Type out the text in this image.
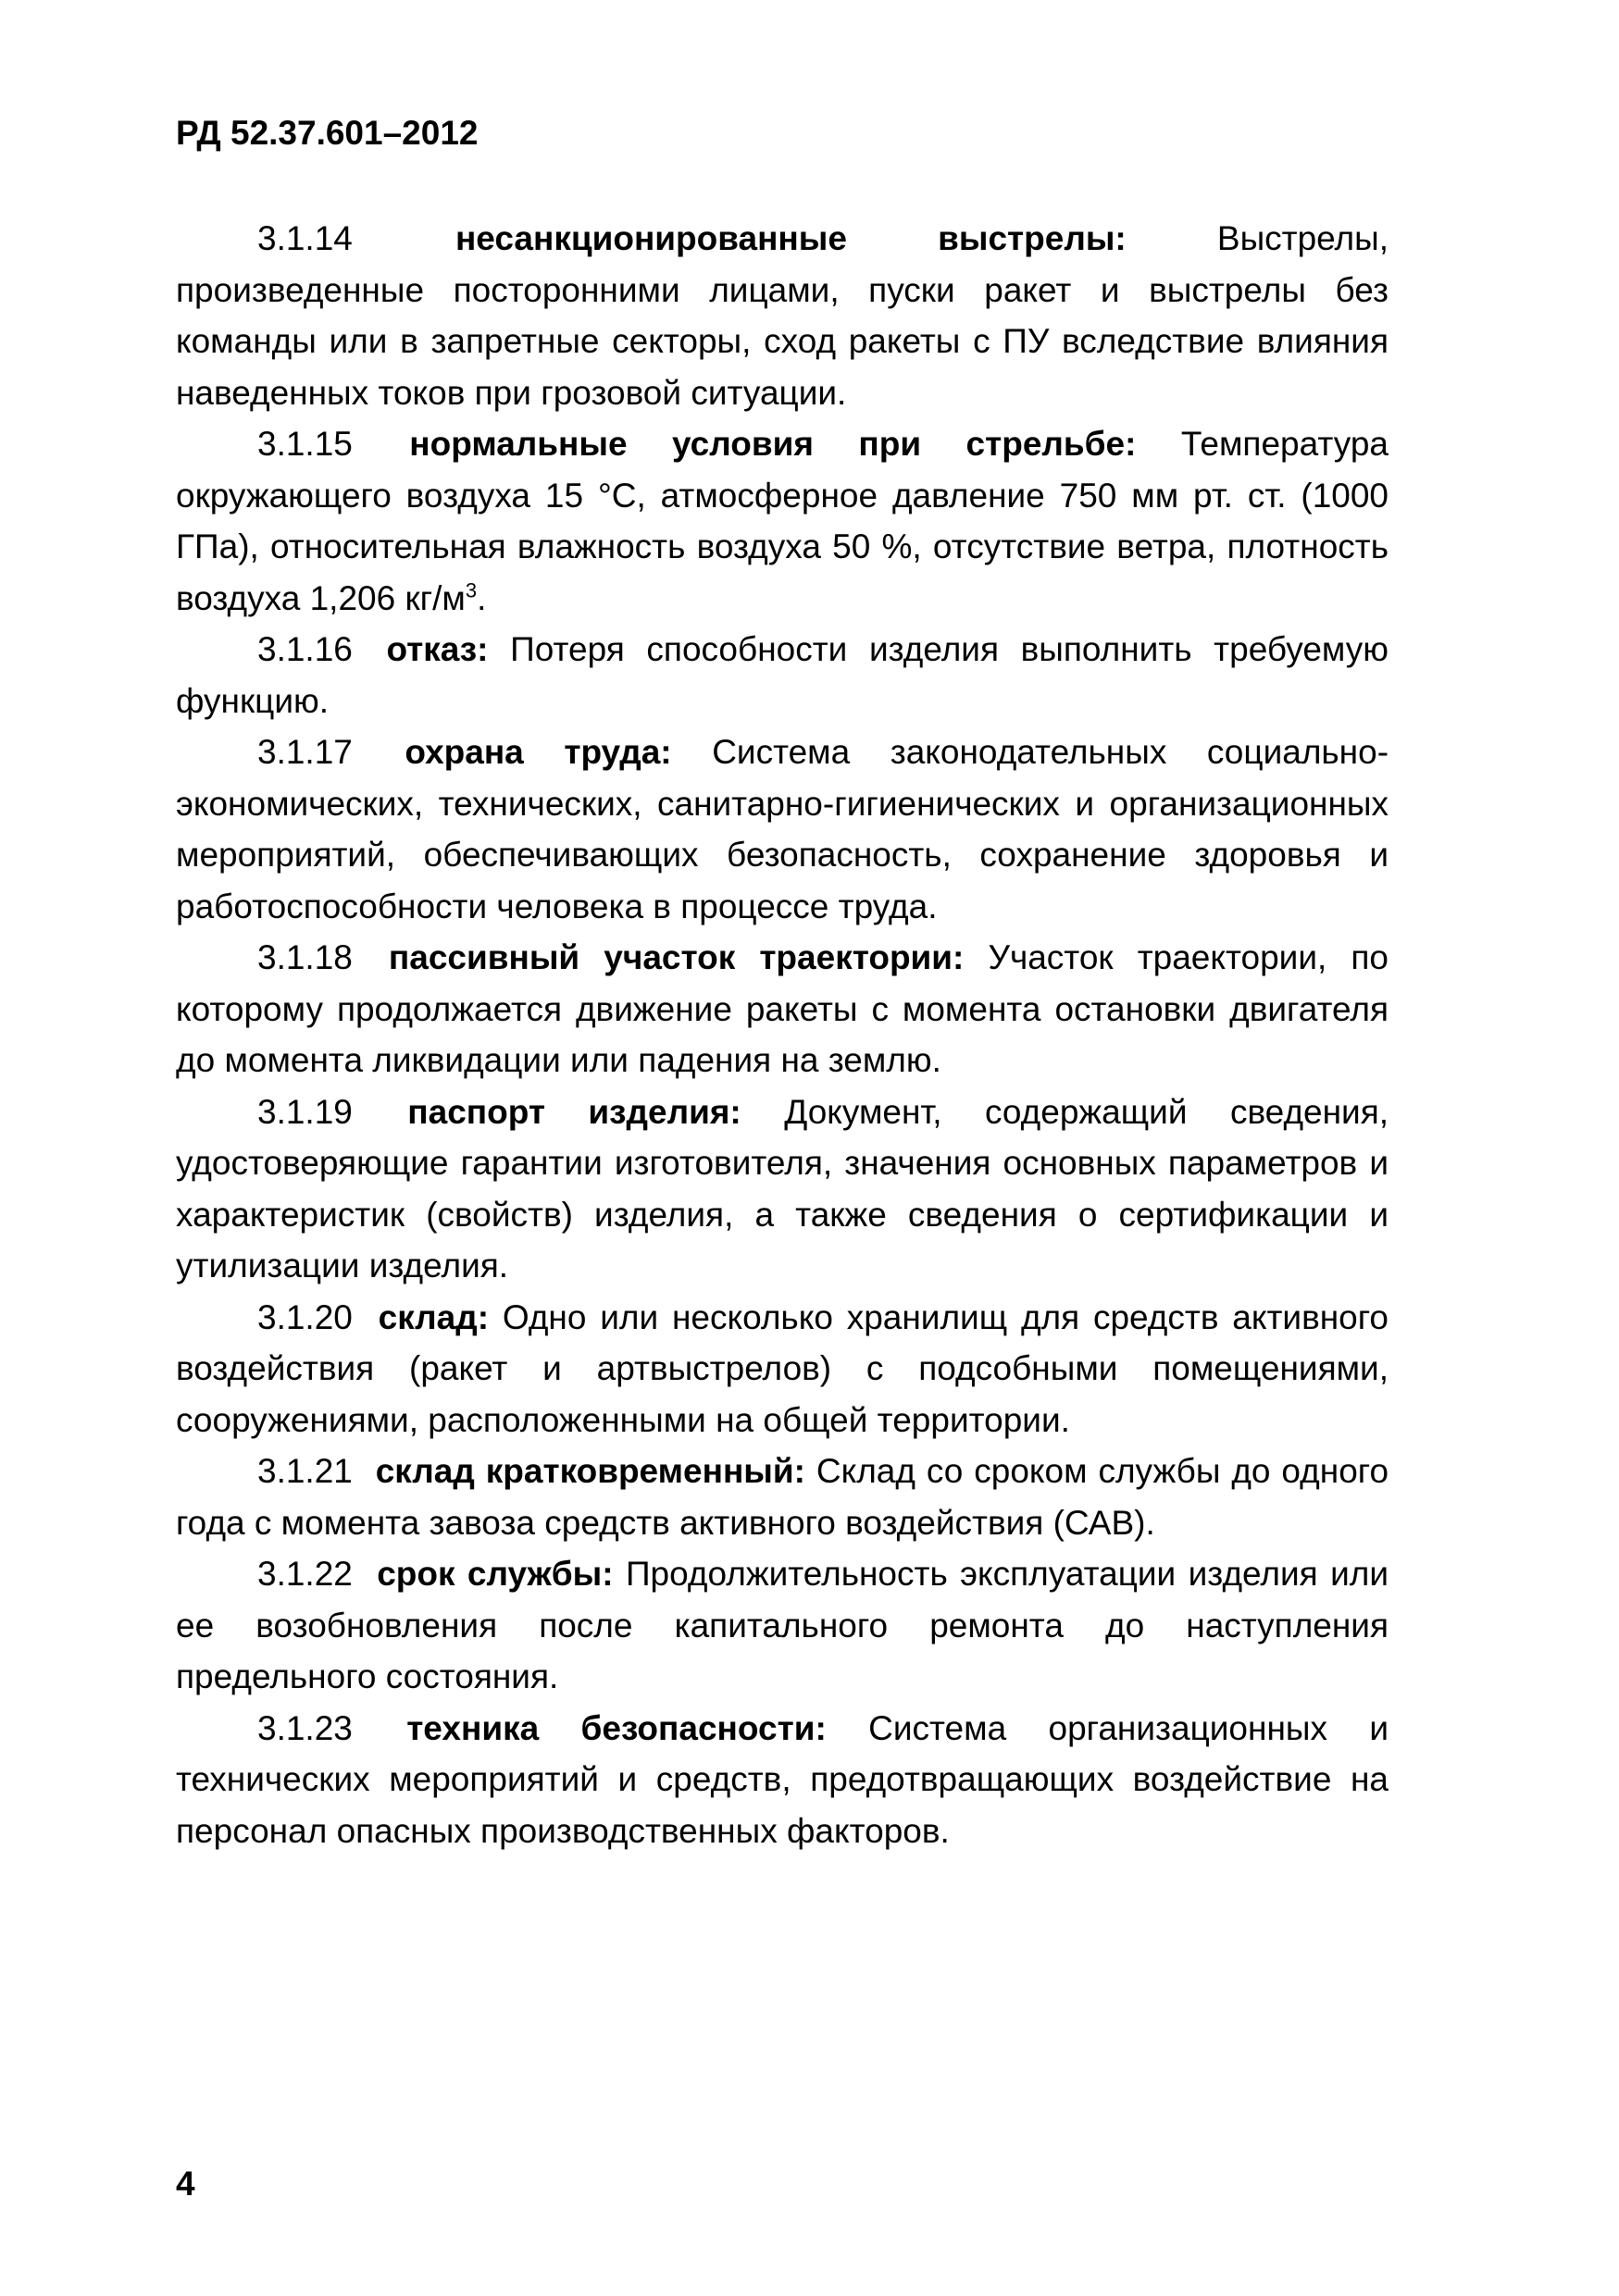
РД 52.37.601–2012

3.1.14	несанкционированные выстрелы:	Выстрелы, произведенные посторонними лицами, пуски ракет и выстрелы без команды или в запретные секторы, сход ракеты с ПУ вследствие влияния наведенных токов при грозовой ситуации.

3.1.15 нормальные условия при стрельбе: Температура окружающего воздуха 15 °С, атмосферное давление 750 мм рт. ст. (1000 ГПа), относительная влажность воздуха 50 %, отсутствие ветра, плотность воздуха 1,206 $кг/м^3$.

3.1.16 отказ: Потеря способности изделия выполнить требуемую функцию.

3.1.17 охрана труда: Система законодательных социально-экономических, технических, санитарно-гигиенических и организационных мероприятий, обеспечивающих безопасность, сохранение здоровья и работоспособности человека в процессе труда.

3.1.18 пассивный участок траектории: Участок траектории, по которому продолжается движение ракеты с момента остановки двигателя до момента ликвидации или падения на землю.

3.1.19 паспорт изделия: Документ, содержащий сведения, удостоверяющие гарантии изготовителя, значения основных параметров и характеристик (свойств) изделия, а также сведения о сертификации и утилизации изделия.

3.1.20 склад: Одно или несколько хранилищ для средств активного воздействия (ракет и артвыстрелов) с подсобными помещениями, сооружениями, расположенными на общей территории.

3.1.21 склад кратковременный: Склад со сроком службы до одного года с момента завоза средств активного воздействия (САВ).

3.1.22 срок службы: Продолжительность эксплуатации изделия или ее возобновления после капитального ремонта до наступления предельного состояния.

3.1.23 техника безопасности: Система организационных и технических мероприятий и средств, предотвращающих воздействие на персонал опасных производственных факторов.

4
